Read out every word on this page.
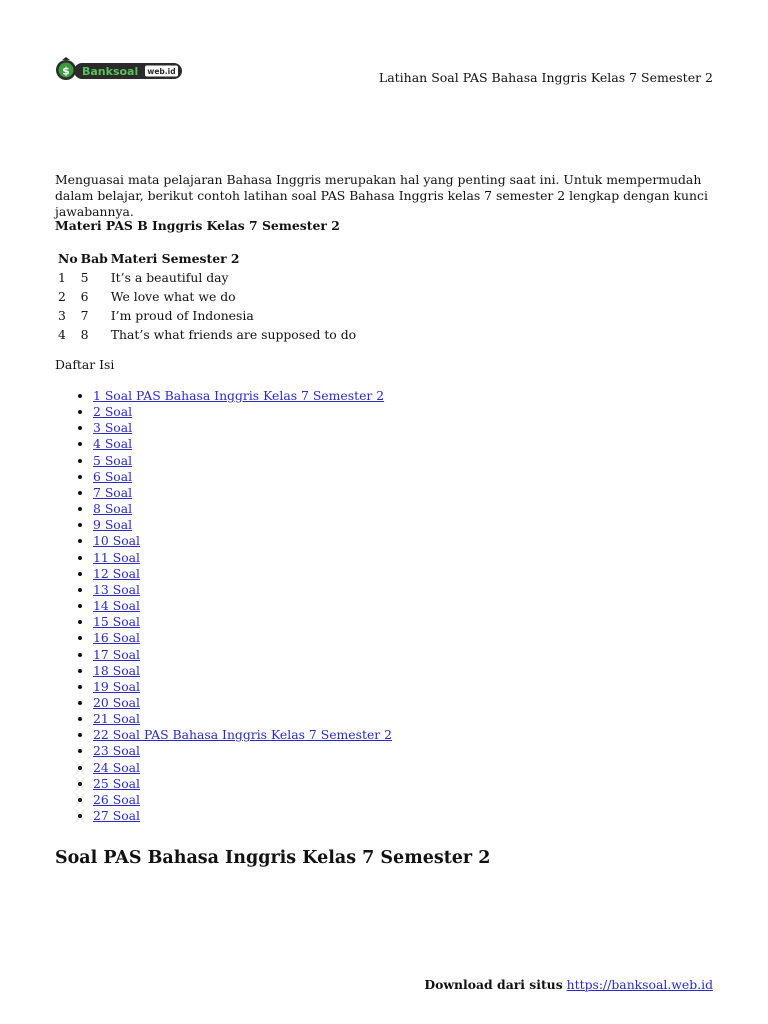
$ Banksoal web.id	Latihan Soal PAS Bahasa Inggris Kelas 7 Semester 2

Menguasai mata pelajaran Bahasa Inggris merupakan hal yang penting saat ini. Untuk mempermudah dalam belajar, berikut contoh latihan soal PAS Bahasa Inggris kelas 7 semester 2 lengkap dengan kunci jawabannya.

Materi PAS B Inggris Kelas 7 Semester 2
No	Bab	Materi Semester 2
1	5	It’s a beautiful day
2	6	We love what we do
3	7	I’m proud of Indonesia
4	8	That’s what friends are supposed to do
Daftar Isi
• 1 Soal PAS Bahasa Inggris Kelas 7 Semester 2
• 2 Soal
• 3 Soal
• 4 Soal
• 5 Soal
• 6 Soal
• 7 Soal
• 8 Soal
• 9 Soal
• 10 Soal
• 11 Soal
• 12 Soal
• 13 Soal
• 14 Soal
• 15 Soal
• 16 Soal
• 17 Soal
• 18 Soal
• 19 Soal
• 20 Soal
• 21 Soal
• 22 Soal PAS Bahasa Inggris Kelas 7 Semester 2
• 23 Soal
• 24 Soal
• 25 Soal
• 26 Soal
• 27 Soal
Soal PAS Bahasa Inggris Kelas 7 Semester 2
Download dari situs https://banksoal.web.id
